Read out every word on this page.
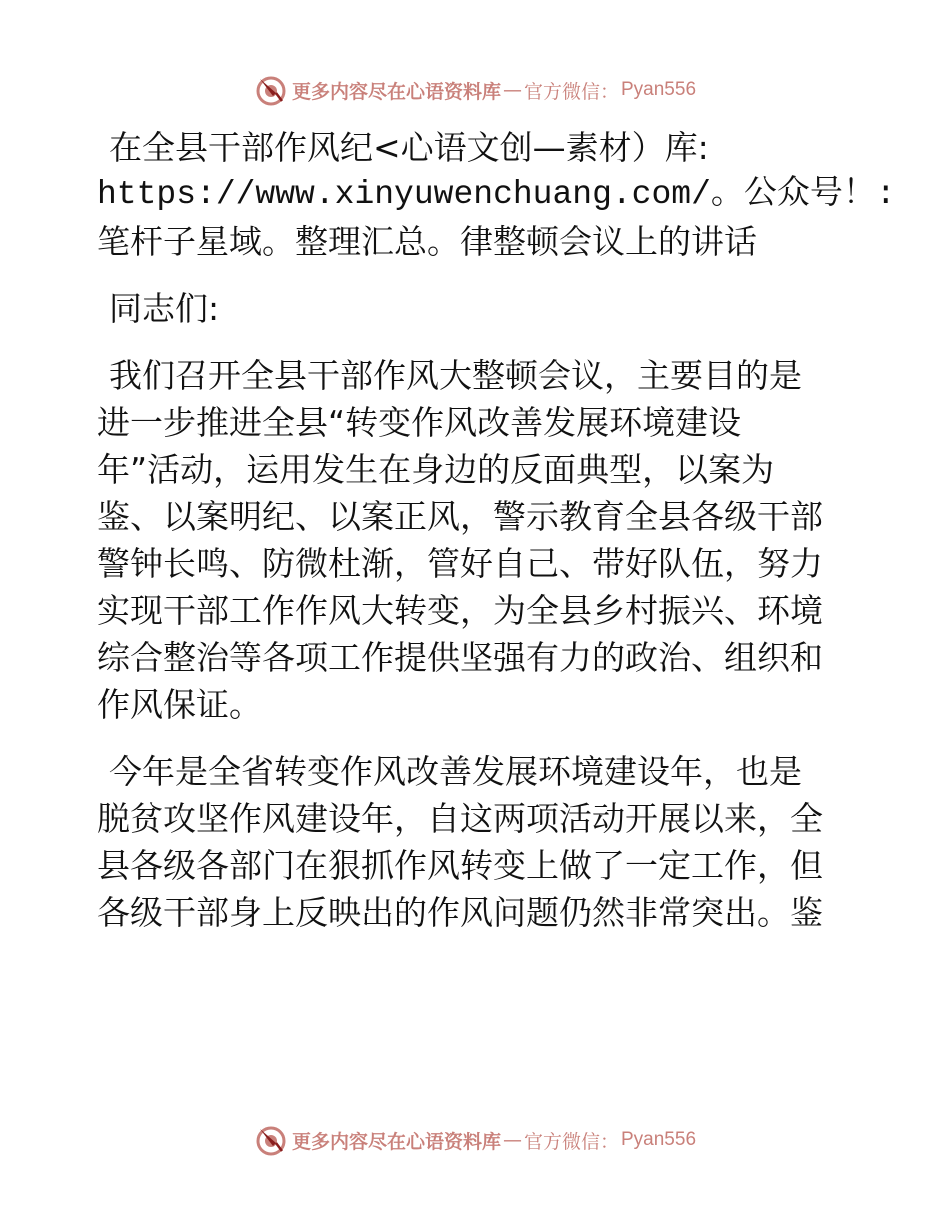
更多内容尽在心语资料库 — 官方微信： Pyan556
在全县干部作风纪<心语文创—素材）库:
https://www.xinyuwenchuang.com/。公众号！:
笔杆子星域。整理汇总。律整顿会议上的讲话
同志们:
我们召开全县干部作风大整顿会议，主要目的是
进一步推进全县“转变作风改善发展环境建设
年”活动，运用发生在身边的反面典型，以案为
鉴、以案明纪、以案正风，警示教育全县各级干部
警钟长鸣、防微杜渐，管好自己、带好队伍，努力
实现干部工作作风大转变，为全县乡村振兴、环境
综合整治等各项工作提供坚强有力的政治、组织和
作风保证。
今年是全省转变作风改善发展环境建设年，也是
脱贫攻坚作风建设年，自这两项活动开展以来，全
县各级各部门在狠抓作风转变上做了一定工作，但
各级干部身上反映出的作风问题仍然非常突出。鉴
更多内容尽在心语资料库 — 官方微信： Pyan556
